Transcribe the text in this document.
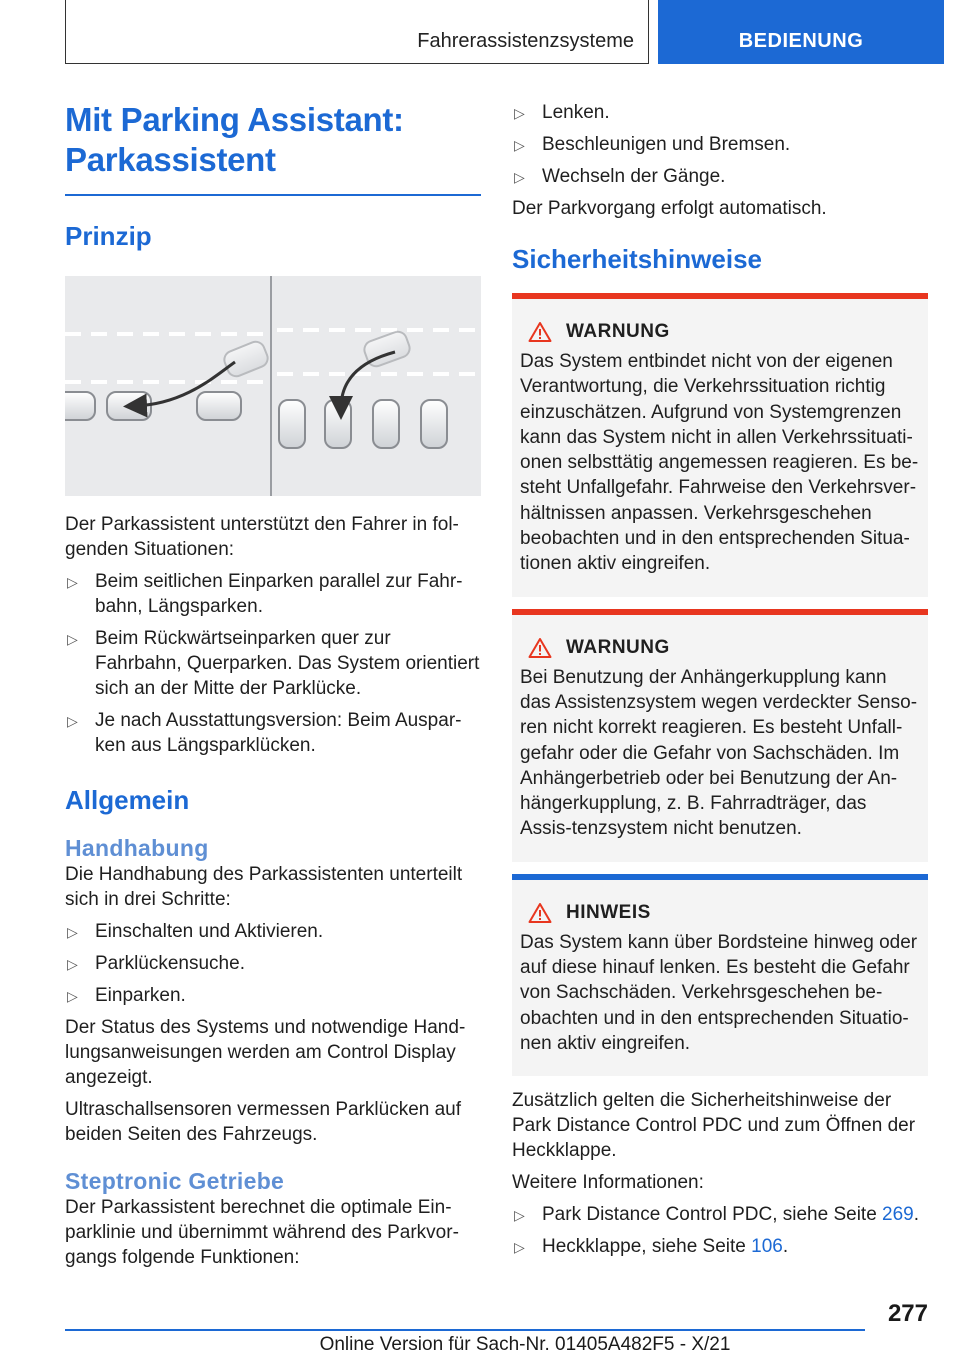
Fahrerassistenzsysteme	BEDIENUNG
Mit Parking Assistant: Parkassistent
Prinzip

Der Parkassistent unterstützt den Fahrer in fol-genden Situationen:

▷ Beim seitlichen Einparken parallel zur Fahr-bahn, Längsparken.
▷ Beim Rückwärtseinparken quer zur Fahrbahn, Querparken. Das System orientiert sich an der Mitte der Parklücke.
▷ Je nach Ausstattungsversion: Beim Auspar-ken aus Längsparklücken.
Allgemein
Handhabung

Die Handhabung des Parkassistenten unterteilt sich in drei Schritte:

▷ Einschalten und Aktivieren.
▷ Parklückensuche.
▷ Einparken.

Der Status des Systems und notwendige Hand-lungsanweisungen werden am Control Display angezeigt.

Ultraschallsensoren vermessen Parklücken auf beiden Seiten des Fahrzeugs.

Steptronic Getriebe

Der Parkassistent berechnet die optimale Ein-parklinie und übernimmt während des Parkvor-gangs folgende Funktionen:

▷ Lenken.
▷ Beschleunigen und Bremsen.
▷ Wechseln der Gänge.

Der Parkvorgang erfolgt automatisch.

Sicherheitshinweise
WARNUNG

Das System entbindet nicht von der eigenen Verantwortung, die Verkehrssituation richtig einzuschätzen. Aufgrund von Systemgrenzen kann das System nicht in allen Verkehrssituati-onen selbsttätig angemessen reagieren. Es be-steht Unfallgefahr. Fahrweise den Verkehrsver-hältnissen anpassen. Verkehrsgeschehen beobachten und in den entsprechenden Situa-tionen aktiv eingreifen.

WARNUNG

Bei Benutzung der Anhängerkupplung kann das Assistenzsystem wegen verdeckter Senso-ren nicht korrekt reagieren. Es besteht Unfall-gefahr oder die Gefahr von Sachschäden. Im Anhängerbetrieb oder bei Benutzung der An-hängerkupplung, z. B. Fahrradträger, das Assis-tenzsystem nicht benutzen.

HINWEIS

Das System kann über Bordsteine hinweg oder auf diese hinauf lenken. Es besteht die Gefahr von Sachschäden. Verkehrsgeschehen be-obachten und in den entsprechenden Situatio-nen aktiv eingreifen.

Zusätzlich gelten die Sicherheitshinweise der Park Distance Control PDC und zum Öffnen der Heckklappe.

Weitere Informationen:

▷ Park Distance Control PDC, siehe Seite 269.
▷ Heckklappe, siehe Seite 106.
277
Online Version für Sach-Nr. 01405A482F5 - X/21
